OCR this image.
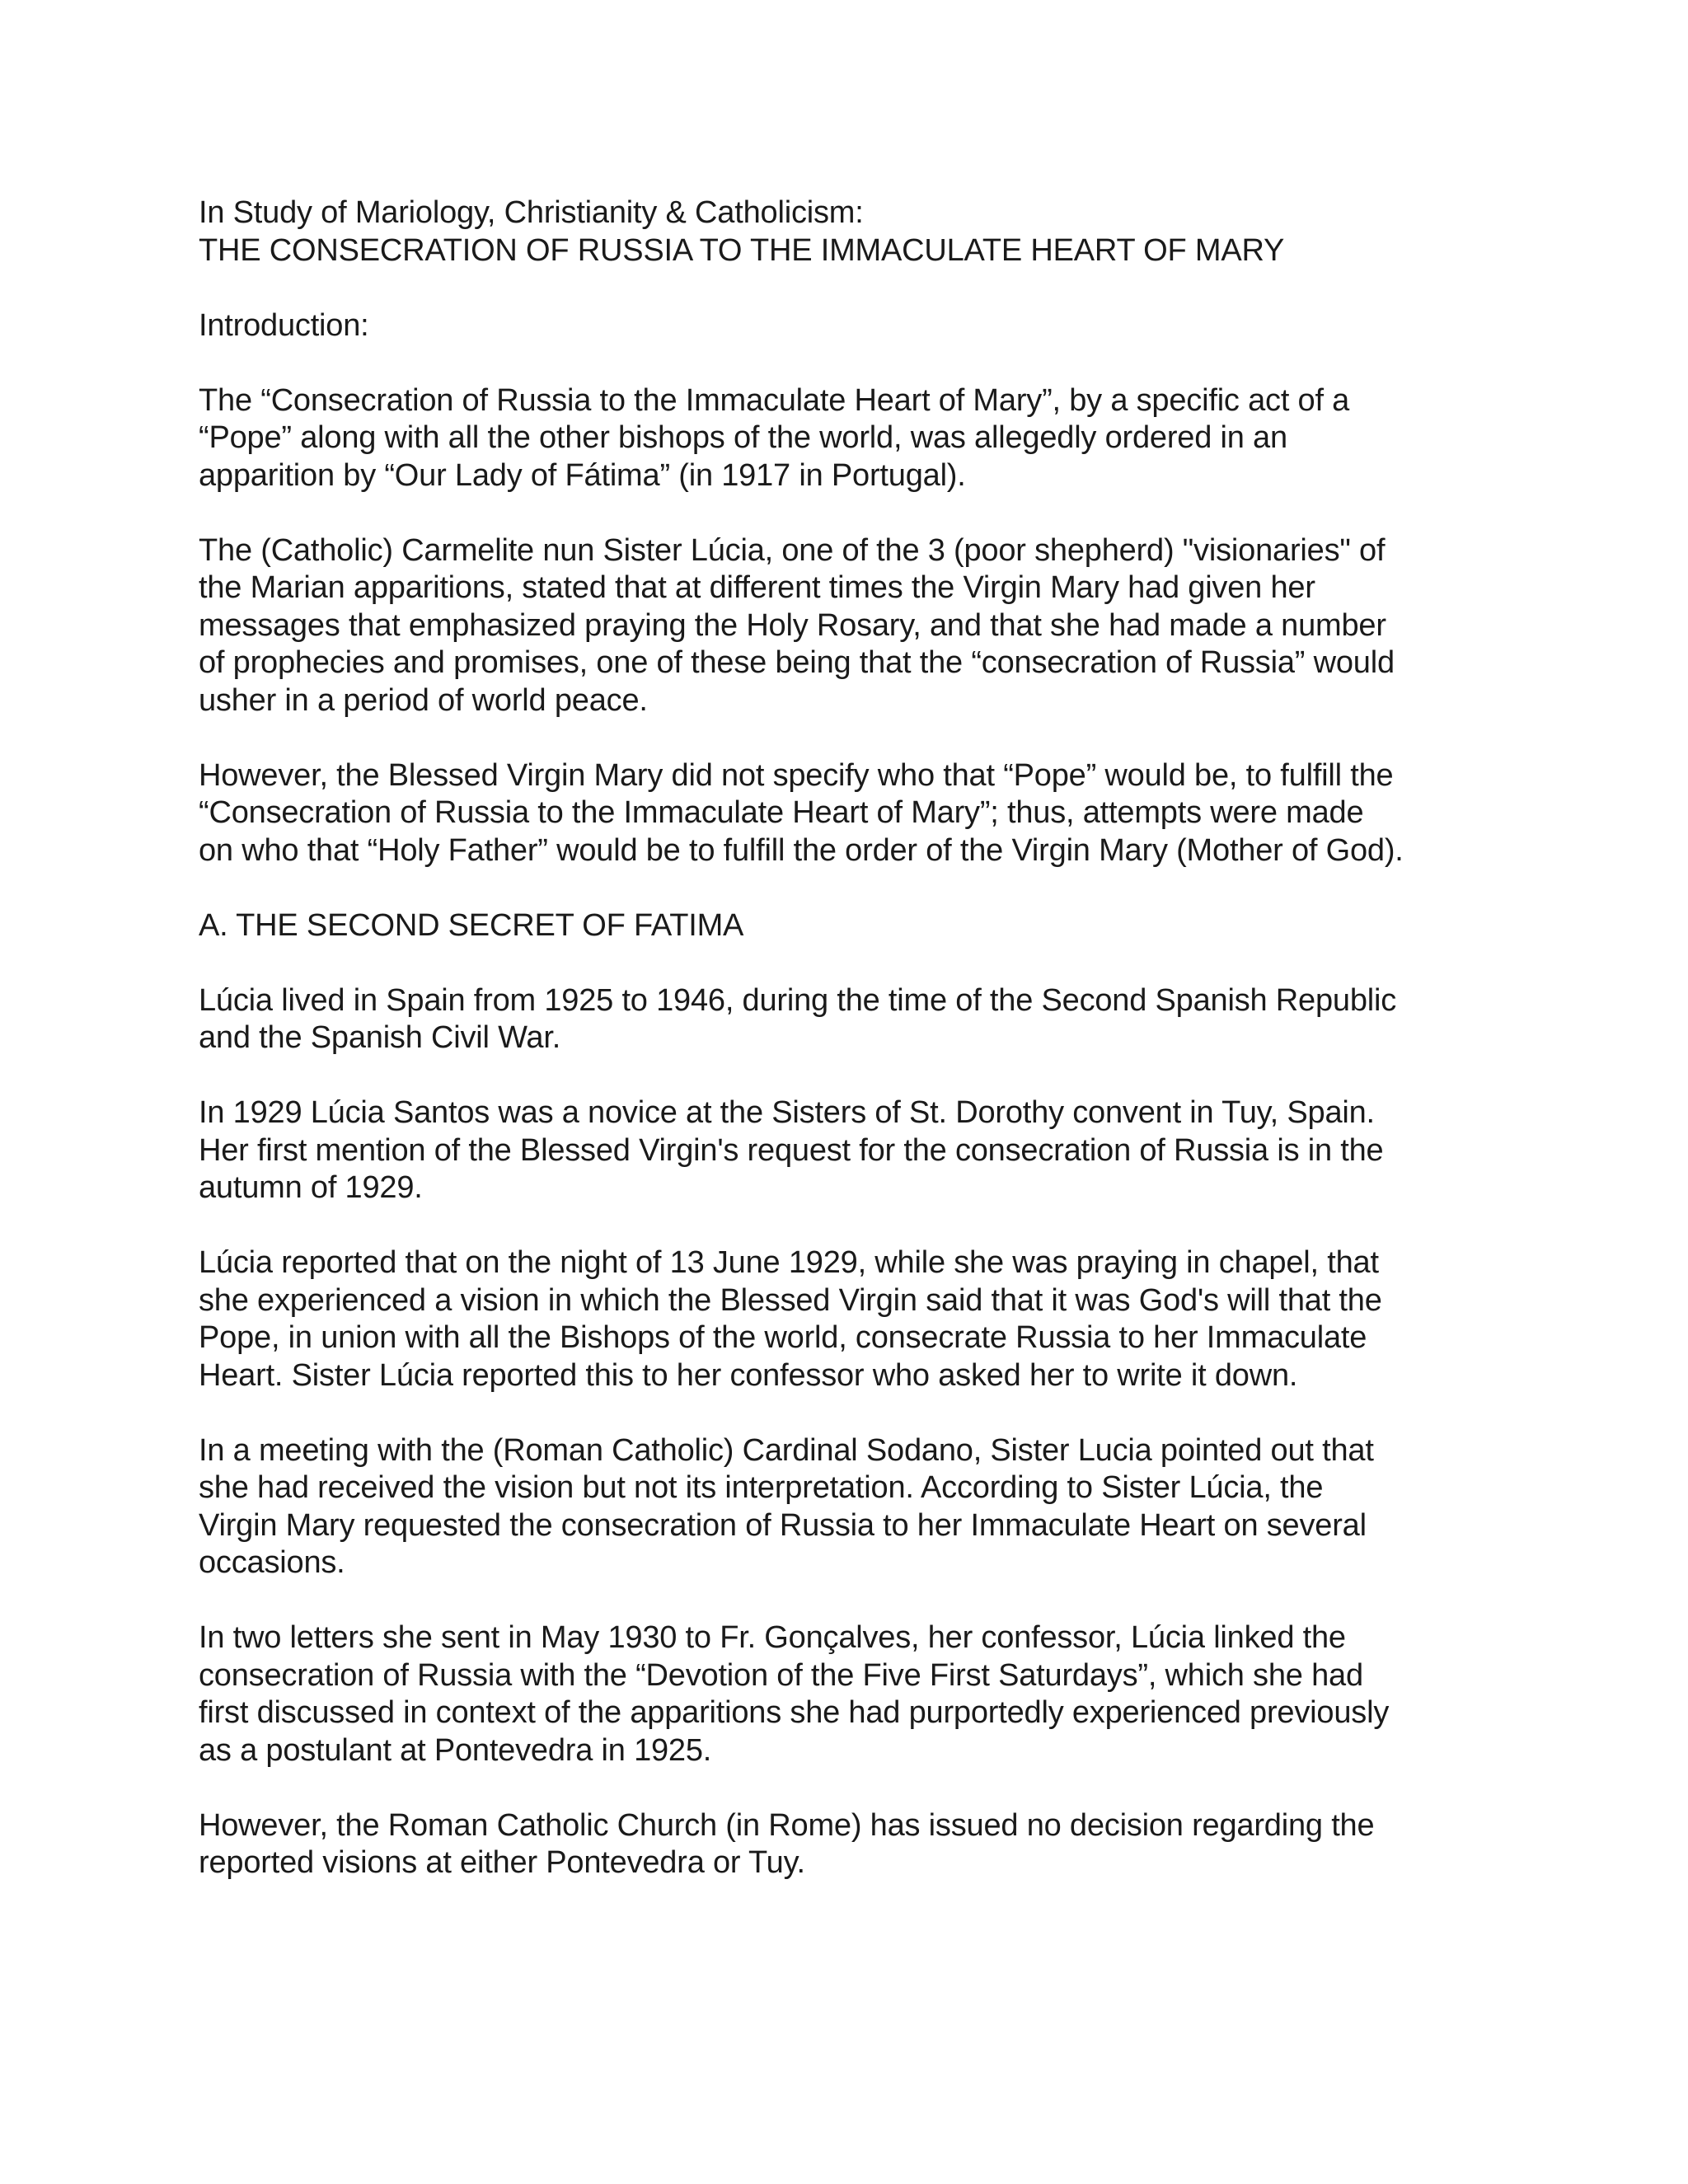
In Study of Mariology, Christianity & Catholicism:
THE CONSECRATION OF RUSSIA TO THE IMMACULATE HEART OF MARY
Introduction:
The “Consecration of Russia to the Immaculate Heart of Mary”, by a specific act of a
“Pope” along with all the other bishops of the world, was allegedly ordered in an
apparition by “Our Lady of Fátima” (in 1917 in Portugal).
The (Catholic) Carmelite nun Sister Lúcia, one of the 3 (poor shepherd) "visionaries" of
the Marian apparitions, stated that at different times the Virgin Mary had given her
messages that emphasized praying the Holy Rosary, and that she had made a number
of prophecies and promises, one of these being that the “consecration of Russia” would
usher in a period of world peace.
However, the Blessed Virgin Mary did not specify who that “Pope” would be, to fulfill the
“Consecration of Russia to the Immaculate Heart of Mary”; thus, attempts were made
on who that “Holy Father” would be to fulfill the order of the Virgin Mary (Mother of God).
A. THE SECOND SECRET OF FATIMA
Lúcia lived in Spain from 1925 to 1946, during the time of the Second Spanish Republic
and the Spanish Civil War.
In 1929 Lúcia Santos was a novice at the Sisters of St. Dorothy convent in Tuy, Spain.
Her first mention of the Blessed Virgin's request for the consecration of Russia is in the
autumn of 1929.
Lúcia reported that on the night of 13 June 1929, while she was praying in chapel, that
she experienced a vision in which the Blessed Virgin said that it was God's will that the
Pope, in union with all the Bishops of the world, consecrate Russia to her Immaculate
Heart. Sister Lúcia reported this to her confessor who asked her to write it down.
In a meeting with the (Roman Catholic) Cardinal Sodano, Sister Lucia pointed out that
she had received the vision but not its interpretation. According to Sister Lúcia, the
Virgin Mary requested the consecration of Russia to her Immaculate Heart on several
occasions.
In two letters she sent in May 1930 to Fr. Gonçalves, her confessor, Lúcia linked the
consecration of Russia with the “Devotion of the Five First Saturdays”, which she had
first discussed in context of the apparitions she had purportedly experienced previously
as a postulant at Pontevedra in 1925.
However, the Roman Catholic Church (in Rome) has issued no decision regarding the
reported visions at either Pontevedra or Tuy.
